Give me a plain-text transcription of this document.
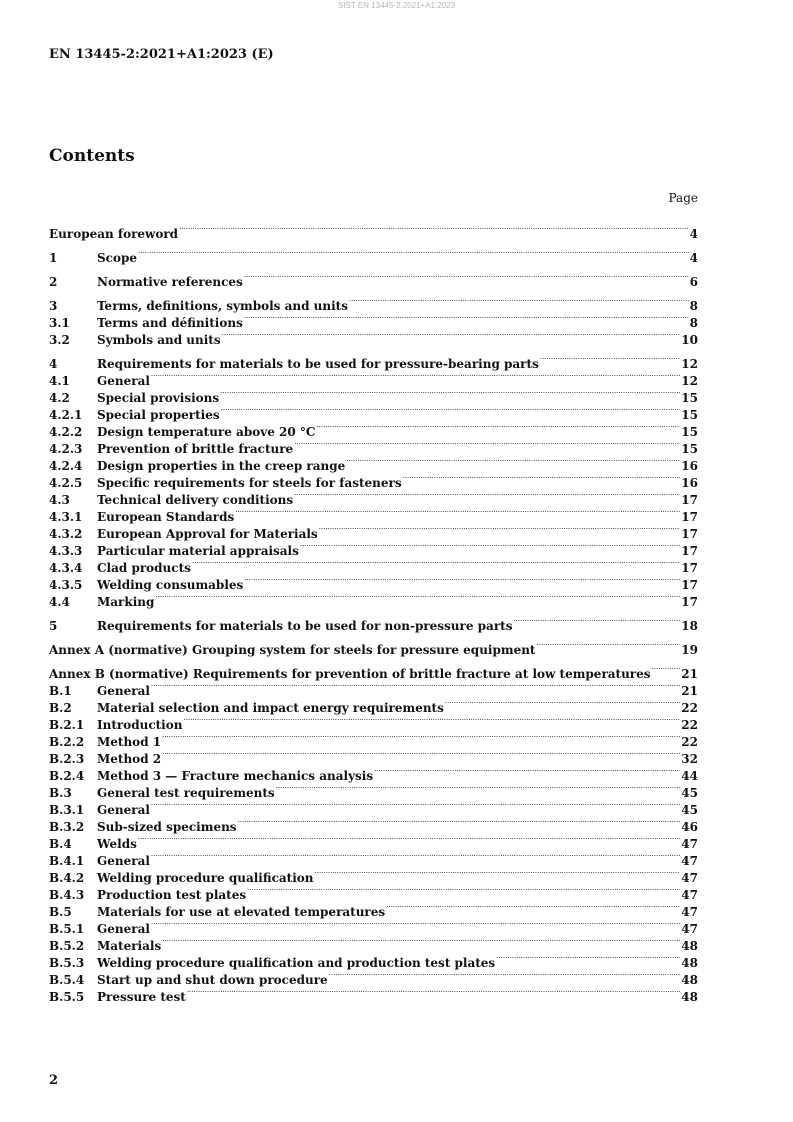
SIST EN 13445-2:2021+A1:2023
EN 13445-2:2021+A1:2023 (E)
Contents
Page
European foreword .....	4
1	Scope .....	4
2	Normative references .....	6
3	Terms, definitions, symbols and units .....	8
3.1	Terms and définitions .....	8
3.2	Symbols and units .....	10
4	Requirements for materials to be used for pressure-bearing parts .....	12
4.1	General .....	12
4.2	Special provisions .....	15
4.2.1	Special properties .....	15
4.2.2	Design temperature above 20 °C .....	15
4.2.3	Prevention of brittle fracture .....	15
4.2.4	Design properties in the creep range .....	16
4.2.5	Specific requirements for steels for fasteners .....	16
4.3	Technical delivery conditions .....	17
4.3.1	European Standards .....	17
4.3.2	European Approval for Materials .....	17
4.3.3	Particular material appraisals .....	17
4.3.4	Clad products .....	17
4.3.5	Welding consumables .....	17
4.4	Marking .....	17
5	Requirements for materials to be used for non-pressure parts .....	18
Annex A (normative) Grouping system for steels for pressure equipment .....	19
Annex B (normative) Requirements for prevention of brittle fracture at low temperatures .....	21
B.1	General .....	21
B.2	Material selection and impact energy requirements .....	22
B.2.1	Introduction .....	22
B.2.2	Method 1 .....	22
B.2.3	Method 2 .....	32
B.2.4	Method 3 — Fracture mechanics analysis .....	44
B.3	General test requirements .....	45
B.3.1	General .....	45
B.3.2	Sub-sized specimens .....	46
B.4	Welds .....	47
B.4.1	General .....	47
B.4.2	Welding procedure qualification .....	47
B.4.3	Production test plates .....	47
B.5	Materials for use at elevated temperatures .....	47
B.5.1	General .....	47
B.5.2	Materials .....	48
B.5.3	Welding procedure qualification and production test plates .....	48
B.5.4	Start up and shut down procedure .....	48
B.5.5	Pressure test .....	48
2
